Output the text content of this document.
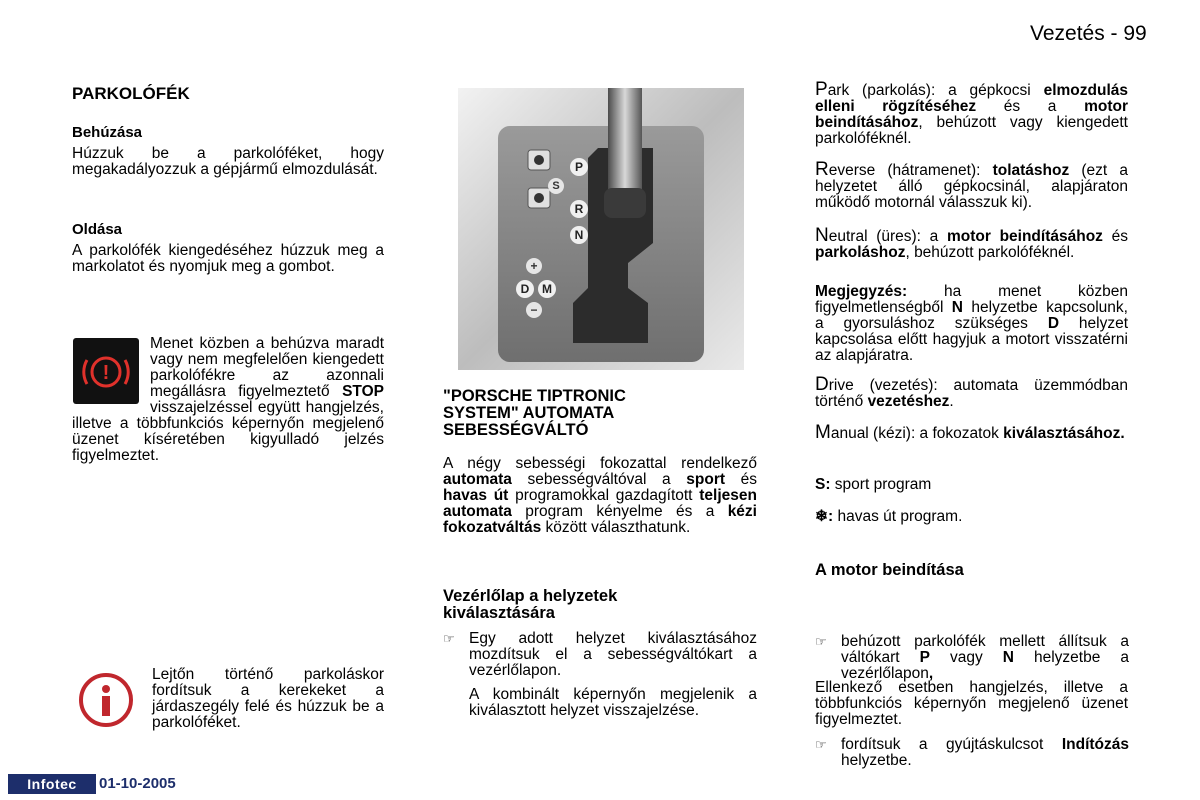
Vezetés - 99
PARKOLÓFÉK
Behúzása

Húzzuk be a parkolóféket, hogy megakadályozzuk a gépjármű elmozdulását.

Oldása

A parkolófék kiengedéséhez húzzuk meg a markolatot és nyomjuk meg a gombot.

!

Menet közben a behúzva maradt vagy nem megfelelően kiengedett parkolófékre az azonnali megállásra figyelmeztető STOP visszajelzéssel együtt hangjelzés, illetve a többfunkciós képernyőn megjelenő üzenet kíséretében kigyulladó jelzés figyelmeztet.

Lejtőn történő parkoláskor fordítsuk a kerekeket a járdaszegély felé és húzzuk be a parkolóféket.

P
R
N
D	M
+
−
S
"PORSCHE TIPTRONIC
SYSTEM" AUTOMATA
SEBESSÉGVÁLTÓ

A négy sebességi fokozattal rendelkező automata sebességváltóval a sport és havas út programokkal gazdagított teljesen automata program kényelme és a kézi fokozatváltás között választhatunk.

Vezérlőlap a helyzetek kiválasztására
☞ Egy adott helyzet kiválasztásához mozdítsuk el a sebességváltókart a vezérlőlapon.

A kombinált képernyőn megjelenik a kiválasztott helyzet visszajelzése.

Park (parkolás): a gépkocsi elmozdulás elleni rögzítéséhez és a motor beindításához, behúzott vagy kiengedett parkolóféknél.

Reverse (hátramenet): tolatáshoz (ezt a helyzetet álló gépkocsinál, alapjáraton működő motornál válasszuk ki).

Neutral (üres): a motor beindításához és parkoláshoz, behúzott parkolóféknél.

Megjegyzés: ha menet közben figyelmetlenségből N helyzetbe kapcsolunk, a gyorsuláshoz szükséges D helyzet kapcsolása előtt hagyjuk a motort visszatérni az alapjáratra.

Drive (vezetés): automata üzemmódban történő vezetéshez.

Manual (kézi): a fokozatok kiválasztásához.

S: sport program

❄: havas út program.

A motor beindítása
☞ behúzott parkolófék mellett állítsuk a váltókart P vagy N helyzetbe a vezérlőlapon,
☞ fordítsuk a gyújtáskulcsot Indítózás helyzetbe.

Ellenkező esetben hangjelzés, illetve a többfunkciós képernyőn megjelenő üzenet figyelmeztet.

Infotec	01-10-2005
